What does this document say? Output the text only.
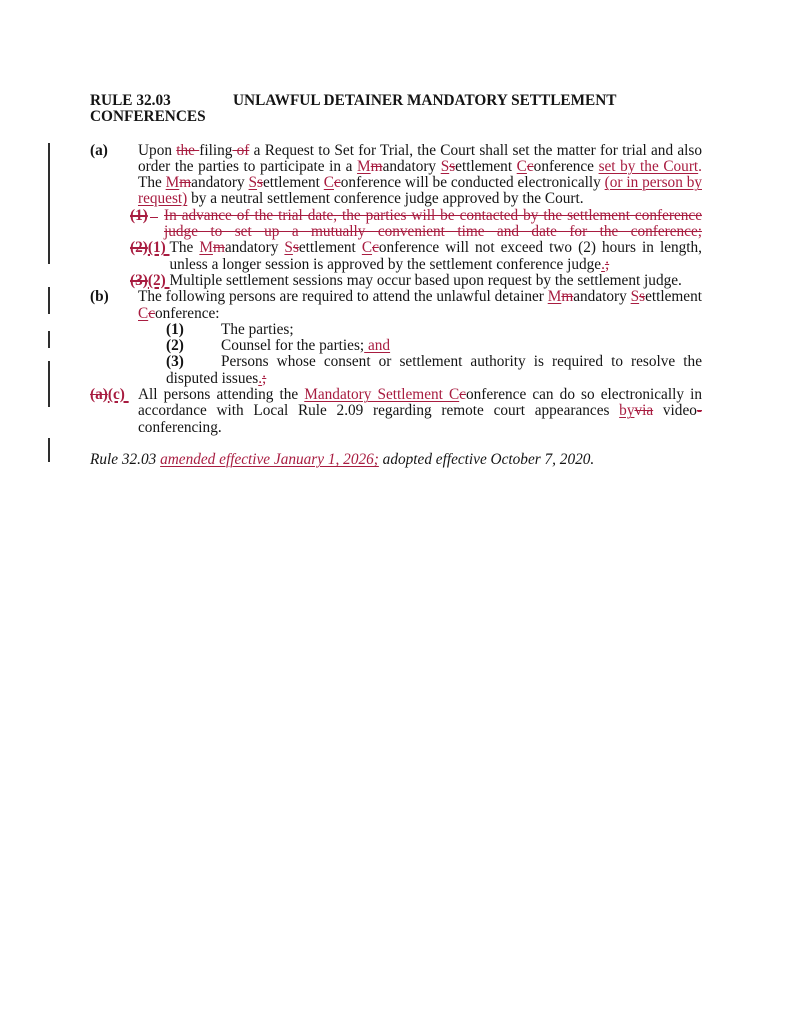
RULE 32.03	UNLAWFUL DETAINER MANDATORY SETTLEMENT
CONFERENCES
(a) Upon the filing of a Request to Set for Trial, the Court shall set the matter for trial and also order the parties to participate in a Mmandatory Ssettlement Cconference set by the Court. The Mmandatory Ssettlement Cconference will be conducted electronically (or in person by request) by a neutral settlement conference judge approved by the Court.
(1) In advance of the trial date, the parties will be contacted by the settlement conference judge to set up a mutually convenient time and date for the conference;
(2) (1) The Mmandatory Ssettlement Cconference will not exceed two (2) hours in length, unless a longer session is approved by the settlement conference judge.;
(3) (2) Multiple settlement sessions may occur based upon request by the settlement judge.
(b) The following persons are required to attend the unlawful detainer Mmandatory Ssettlement Cconference:
(1) The parties;
(2) Counsel for the parties; and
(3) Persons whose consent or settlement authority is required to resolve the disputed issues.;
(a) (c) All persons attending the Mandatory Settlement Cconference can do so electronically in accordance with Local Rule 2.09 regarding remote court appearances byvia video-conferencing.
Rule 32.03 amended effective January 1, 2026; adopted effective October 7, 2020.
